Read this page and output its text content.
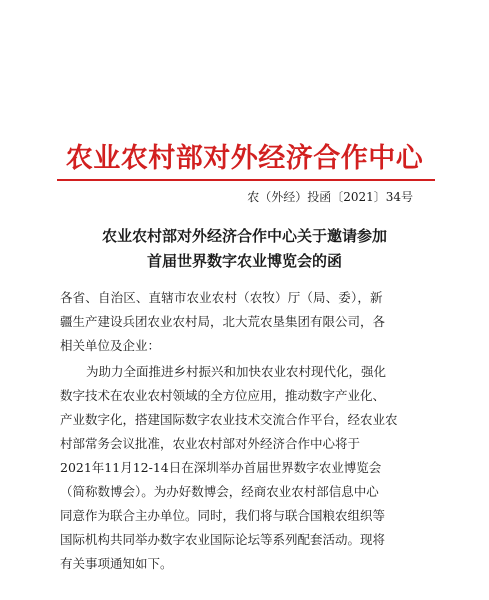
农业农村部对外经济合作中心
农（外经）投函〔2021〕34号
农业农村部对外经济合作中心关于邀请参加
首届世界数字农业博览会的函
各省、自治区、直辖市农业农村（农牧）厅（局、委），新
疆生产建设兵团农业农村局，北大荒农垦集团有限公司，各
相关单位及企业：
为助力全面推进乡村振兴和加快农业农村现代化，强化
数字技术在农业农村领域的全方位应用，推动数字产业化、
产业数字化，搭建国际数字农业技术交流合作平台，经农业农
村部常务会议批准，农业农村部对外经济合作中心将于
2021年11月12-14日在深圳举办首届世界数字农业博览会
（简称数博会）。为办好数博会，经商农业农村部信息中心
同意作为联合主办单位。同时，我们将与联合国粮农组织等
国际机构共同举办数字农业国际论坛等系列配套活动。现将
有关事项通知如下。
